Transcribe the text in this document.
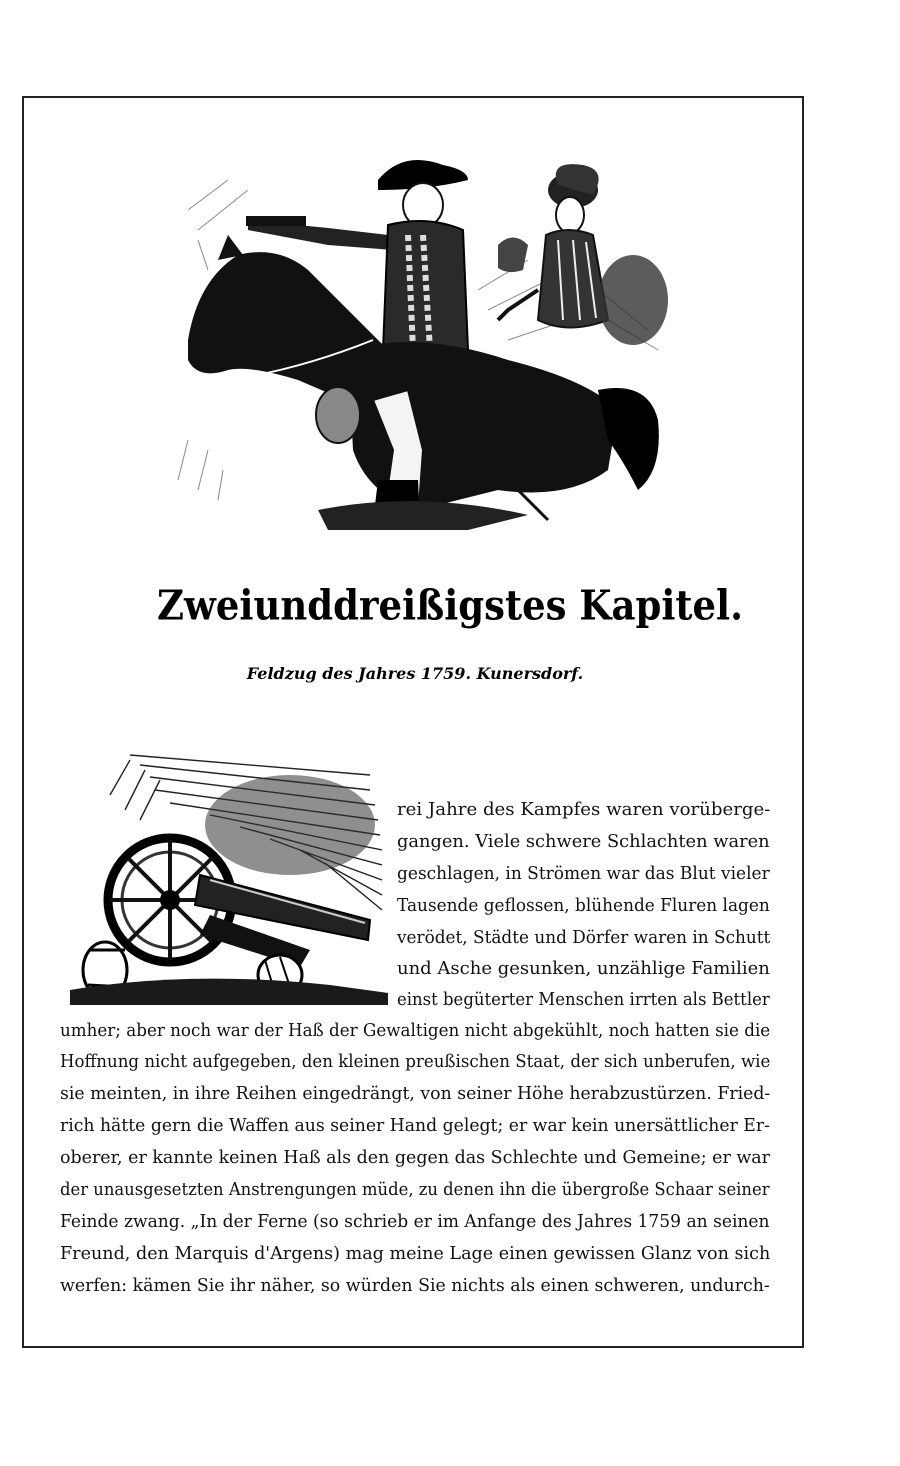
Zweiunddreißigstes Kapitel.
Feldzug des Jahres 1759. Kunersdorf.
rei Jahre des Kampfes waren vorüberge-
gangen. Viele schwere Schlachten waren
geschlagen, in Strömen war das Blut vieler
Tausende geflossen, blühende Fluren lagen
verödet, Städte und Dörfer waren in Schutt
und Asche gesunken, unzählige Familien
einst begüterter Menschen irrten als Bettler
umher; aber noch war der Haß der Gewaltigen nicht abgekühlt, noch hatten sie die
Hoffnung nicht aufgegeben, den kleinen preußischen Staat, der sich unberufen, wie
sie meinten, in ihre Reihen eingedrängt, von seiner Höhe herabzustürzen. Fried-
rich hätte gern die Waffen aus seiner Hand gelegt; er war kein unersättlicher Er-
oberer, er kannte keinen Haß als den gegen das Schlechte und Gemeine; er war
der unausgesetzten Anstrengungen müde, zu denen ihn die übergroße Schaar seiner
Feinde zwang. „In der Ferne (so schrieb er im Anfange des Jahres 1759 an seinen
Freund, den Marquis d'Argens) mag meine Lage einen gewissen Glanz von sich
werfen: kämen Sie ihr näher, so würden Sie nichts als einen schweren, undurch-
